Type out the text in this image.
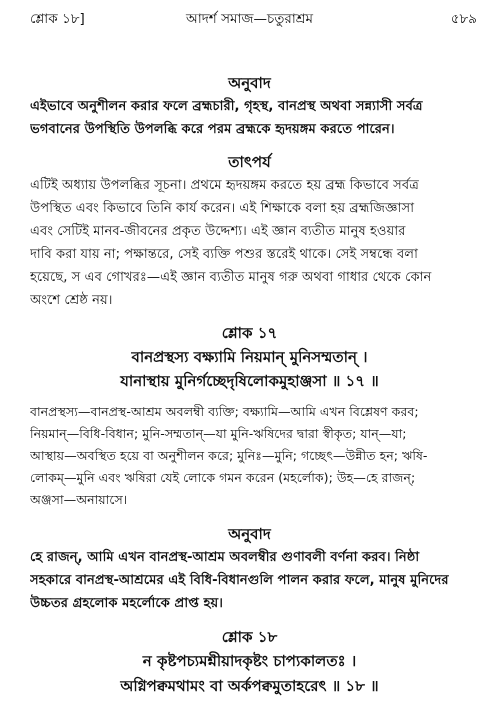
শ্লোক ১৮]	আদর্শ সমাজ—চতুরাশ্রম	৫৮৯
অনুবাদ
এইভাবে অনুশীলন করার ফলে ব্রহ্মচারী, গৃহস্থ, বানপ্রস্থ অথবা সন্ন্যাসী সর্বত্র
ভগবানের উপস্থিতি উপলব্ধি করে পরম ব্রহ্মকে হৃদয়ঙ্গম করতে পারেন।
তাৎপর্য
এটিই অধ্যায় উপলব্ধির সূচনা। প্রথমে হৃদয়ঙ্গম করতে হয় ব্রহ্ম কিভাবে সর্বত্র
উপস্থিত এবং কিভাবে তিনি কার্য করেন। এই শিক্ষাকে বলা হয় ব্রহ্মজিজ্ঞাসা
এবং সেটিই মানব-জীবনের প্রকৃত উদ্দেশ্য। এই জ্ঞান ব্যতীত মানুষ হওয়ার
দাবি করা যায় না; পক্ষান্তরে, সেই ব্যক্তি পশুর স্তরেই থাকে। সেই সম্বন্ধে বলা
হয়েছে, স এব গোখরঃ—এই জ্ঞান ব্যতীত মানুষ গরু অথবা গাধার থেকে কোন
অংশে শ্রেষ্ঠ নয়।
শ্লোক ১৭
বানপ্রস্থস্য বক্ষ্যামি নিয়মান্ মুনিসম্মতান্ ।
যানাস্থায় মুনির্গচ্ছেদৃষিলোকমুহাঞ্জসা ॥ ১৭ ॥
বানপ্রস্থস্য—বানপ্রস্থ-আশ্রম অবলম্বী ব্যক্তি; বক্ষ্যামি—আমি এখন বিশ্লেষণ করব;
নিয়মান্—বিধি-বিধান; মুনি-সম্মতান্—যা মুনি-ঋষিদের দ্বারা স্বীকৃত; যান্—যা;
আস্থায়—অবস্থিত হয়ে বা অনুশীলন করে; মুনিঃ—মুনি; গচ্ছেৎ—উন্নীত হন; ঋষি-
লোকম্—মুনি এবং ঋষিরা যেই লোকে গমন করেন (মহর্লোক); উহ—হে রাজন্;
অঞ্জসা—অনায়াসে।
অনুবাদ
হে রাজন্, আমি এখন বানপ্রস্থ-আশ্রম অবলম্বীর গুণাবলী বর্ণনা করব। নিষ্ঠা
সহকারে বানপ্রস্থ-আশ্রমের এই বিধি-বিধানগুলি পালন করার ফলে, মানুষ মুনিদের
উচ্চতর গ্রহলোক মহর্লোকে প্রাপ্ত হয়।
শ্লোক ১৮
ন কৃষ্টপচ্যমশ্নীয়াদকৃষ্টং চাপ্যকালতঃ ।
অগ্নিপক্বমথামং বা অর্কপক্বমুতাহরেৎ ॥ ১৮ ॥
